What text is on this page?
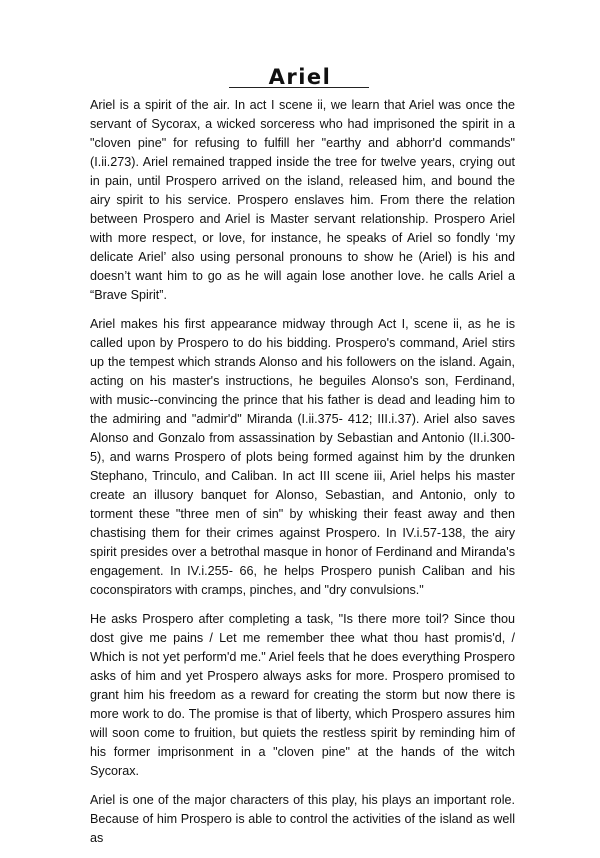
Ariel

Ariel is a spirit of the air. In act I scene ii, we learn that Ariel was once the servant of Sycorax, a wicked sorceress who had imprisoned the spirit in a "cloven pine" for refusing to fulfill her "earthy and abhorr'd commands" (I.ii.273). Ariel remained trapped inside the tree for twelve years, crying out in pain, until Prospero arrived on the island, released him, and bound the airy spirit to his service. Prospero enslaves him. From there the relation between Prospero and Ariel is Master servant relationship. Prospero Ariel with more respect, or love, for instance, he speaks of Ariel so fondly ‘my delicate Ariel’ also using personal pronouns to show he (Ariel) is his and doesn’t want him to go as he will again lose another love. he calls Ariel a “Brave Spirit”.

Ariel makes his first appearance midway through Act I, scene ii, as he is called upon by Prospero to do his bidding. Prospero's command, Ariel stirs up the tempest which strands Alonso and his followers on the island. Again, acting on his master's instructions, he beguiles Alonso's son, Ferdinand, with music--convincing the prince that his father is dead and leading him to the admiring and "admir'd" Miranda (I.ii.375- 412; III.i.37). Ariel also saves Alonso and Gonzalo from assassination by Sebastian and Antonio (II.i.300- 5), and warns Prospero of plots being formed against him by the drunken Stephano, Trinculo, and Caliban. In act III scene iii, Ariel helps his master create an illusory banquet for Alonso, Sebastian, and Antonio, only to torment these "three men of sin" by whisking their feast away and then chastising them for their crimes against Prospero. In IV.i.57-138, the airy spirit presides over a betrothal masque in honor of Ferdinand and Miranda's engagement. In IV.i.255- 66, he helps Prospero punish Caliban and his coconspirators with cramps, pinches, and "dry convulsions."

He asks Prospero after completing a task, "Is there more toil? Since thou dost give me pains / Let me remember thee what thou hast promis'd, / Which is not yet perform'd me." Ariel feels that he does everything Prospero asks of him and yet Prospero always asks for more. Prospero promised to grant him his freedom as a reward for creating the storm but now there is more work to do. The promise is that of liberty, which Prospero assures him will soon come to fruition, but quiets the restless spirit by reminding him of his former imprisonment in a "cloven pine" at the hands of the witch Sycorax.

Ariel is one of the major characters of this play, his plays an important role. Because of him Prospero is able to control the activities of the island as well as
